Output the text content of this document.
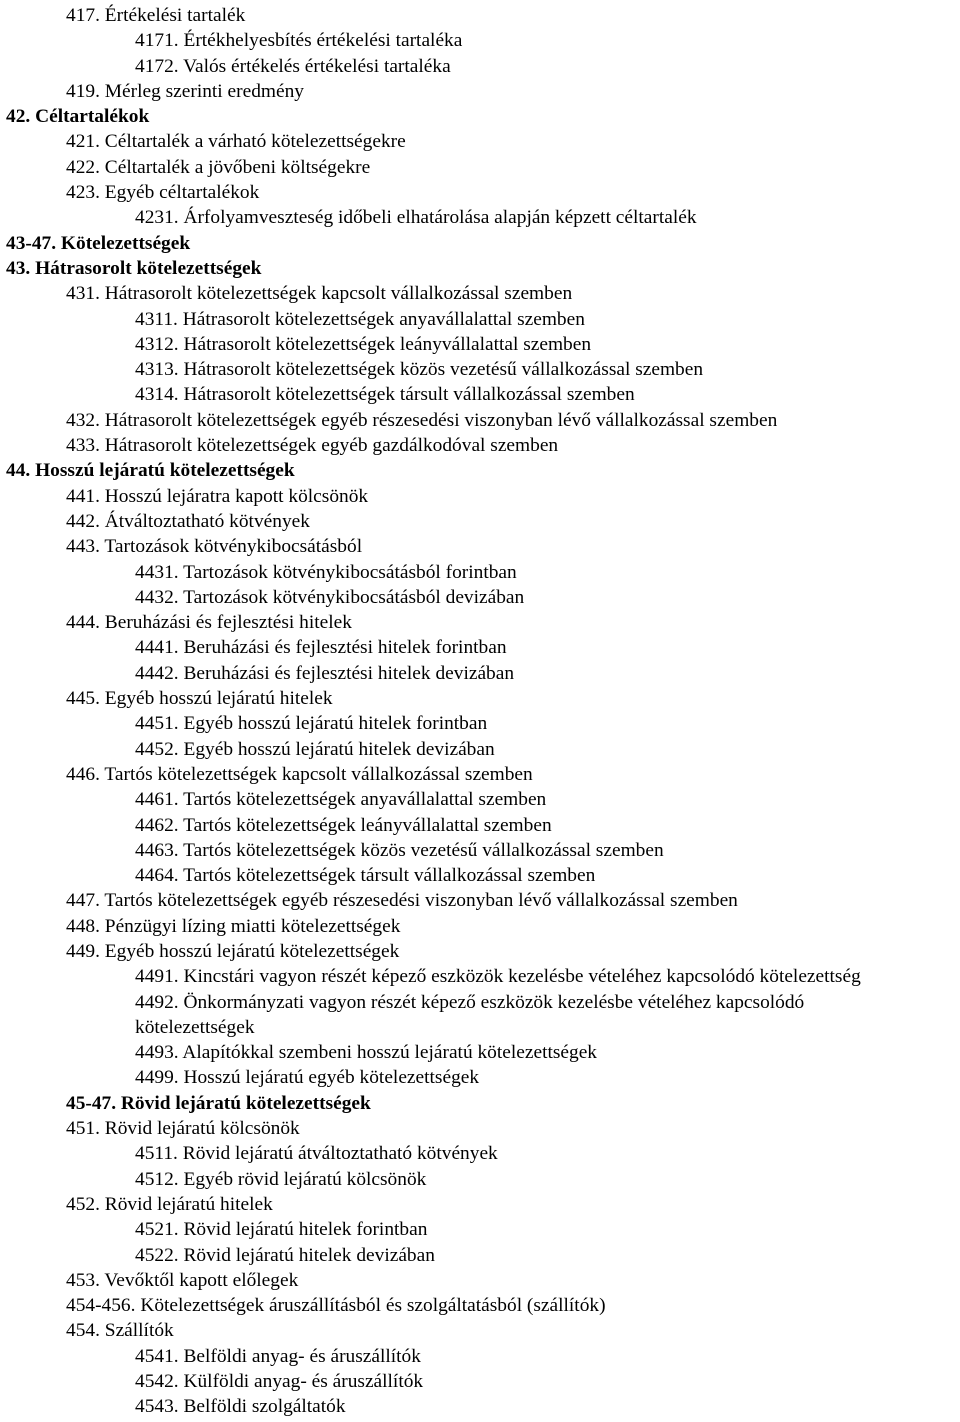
417. Értékelési tartalék
4171. Értékhelyesbítés értékelési tartaléka
4172. Valós értékelés értékelési tartaléka
419. Mérleg szerinti eredmény
42. Céltartalékok
421. Céltartalék a várható kötelezettségekre
422. Céltartalék a jövőbeni költségekre
423. Egyéb céltartalékok
4231. Árfolyamveszteség időbeli elhatárolása alapján képzett céltartalék
43-47. Kötelezettségek
43. Hátrasorolt kötelezettségek
431. Hátrasorolt kötelezettségek kapcsolt vállalkozással szemben
4311. Hátrasorolt kötelezettségek anyavállalattal szemben
4312. Hátrasorolt kötelezettségek leányvállalattal szemben
4313. Hátrasorolt kötelezettségek közös vezetésű vállalkozással szemben
4314. Hátrasorolt kötelezettségek társult vállalkozással szemben
432. Hátrasorolt kötelezettségek egyéb részesedési viszonyban lévő vállalkozással szemben
433. Hátrasorolt kötelezettségek egyéb gazdálkodóval szemben
44. Hosszú lejáratú kötelezettségek
441. Hosszú lejáratra kapott kölcsönök
442. Átváltoztatható kötvények
443. Tartozások kötvénykibocsátásból
4431. Tartozások kötvénykibocsátásból forintban
4432. Tartozások kötvénykibocsátásból devizában
444. Beruházási és fejlesztési hitelek
4441. Beruházási és fejlesztési hitelek forintban
4442. Beruházási és fejlesztési hitelek devizában
445. Egyéb hosszú lejáratú hitelek
4451. Egyéb hosszú lejáratú hitelek forintban
4452. Egyéb hosszú lejáratú hitelek devizában
446. Tartós kötelezettségek kapcsolt vállalkozással szemben
4461. Tartós kötelezettségek anyavállalattal szemben
4462. Tartós kötelezettségek leányvállalattal szemben
4463. Tartós kötelezettségek közös vezetésű vállalkozással szemben
4464. Tartós kötelezettségek társult vállalkozással szemben
447. Tartós kötelezettségek egyéb részesedési viszonyban lévő vállalkozással szemben
448. Pénzügyi lízing miatti kötelezettségek
449. Egyéb hosszú lejáratú kötelezettségek
4491. Kincstári vagyon részét képező eszközök kezelésbe vételéhez kapcsolódó kötelezettség
4492. Önkormányzati vagyon részét képező eszközök kezelésbe vételéhez kapcsolódó
kötelezettségek
4493. Alapítókkal szembeni hosszú lejáratú kötelezettségek
4499. Hosszú lejáratú egyéb kötelezettségek
45-47. Rövid lejáratú kötelezettségek
451. Rövid lejáratú kölcsönök
4511. Rövid lejáratú átváltoztatható kötvények
4512. Egyéb rövid lejáratú kölcsönök
452. Rövid lejáratú hitelek
4521. Rövid lejáratú hitelek forintban
4522. Rövid lejáratú hitelek devizában
453. Vevőktől kapott előlegek
454-456. Kötelezettségek áruszállításból és szolgáltatásból (szállítók)
454. Szállítók
4541. Belföldi anyag- és áruszállítók
4542. Külföldi anyag- és áruszállítók
4543. Belföldi szolgáltatók
